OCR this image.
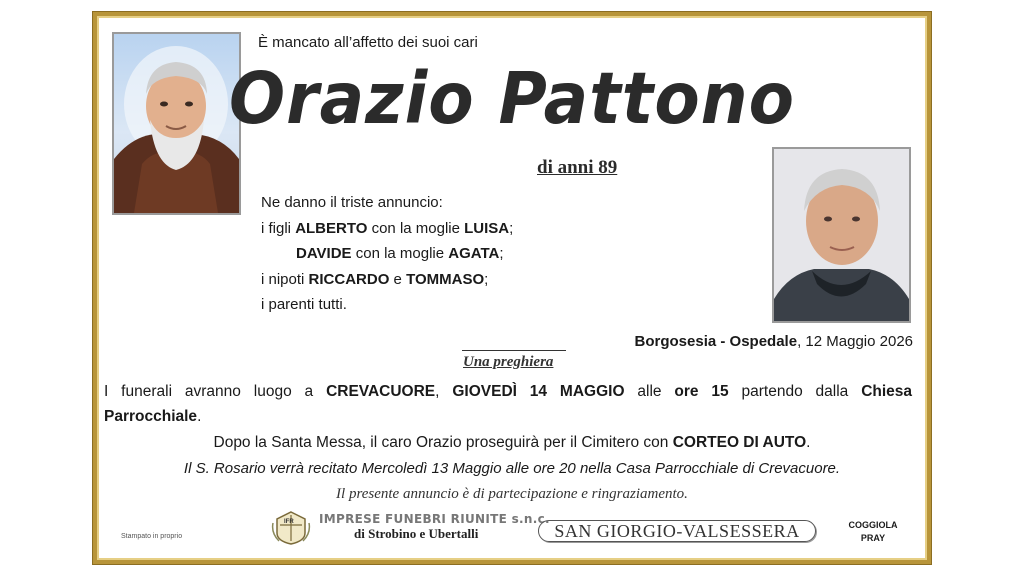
È mancato all’affetto dei suoi cari
Orazio Pattono
di anni 89
Ne danno il triste annuncio:
i figli ALBERTO con la moglie LUISA;
DAVIDE con la moglie AGATA;
i nipoti RICCARDO e TOMMASO;
i parenti tutti.
Borgosesia - Ospedale, 12 Maggio 2026
Una preghiera
I funerali avranno luogo a CREVACUORE, GIOVEDÌ 14 MAGGIO alle ore 15 partendo dalla Chiesa
Parrocchiale.
Dopo la Santa Messa, il caro Orazio proseguirà per il Cimitero con CORTEO DI AUTO.
Il S. Rosario verrà recitato Mercoledì 13 Maggio alle ore 20 nella Casa Parrocchiale di Crevacuore.
Il presente annuncio è di partecipazione e ringraziamento.
Stampato in proprio
IFR IMPRESE FUNEBRI RIUNITE s.n.c.
di Strobino e Ubertalli	SAN GIORGIO-VALSESSERA	COGGIOLA
PRAY
